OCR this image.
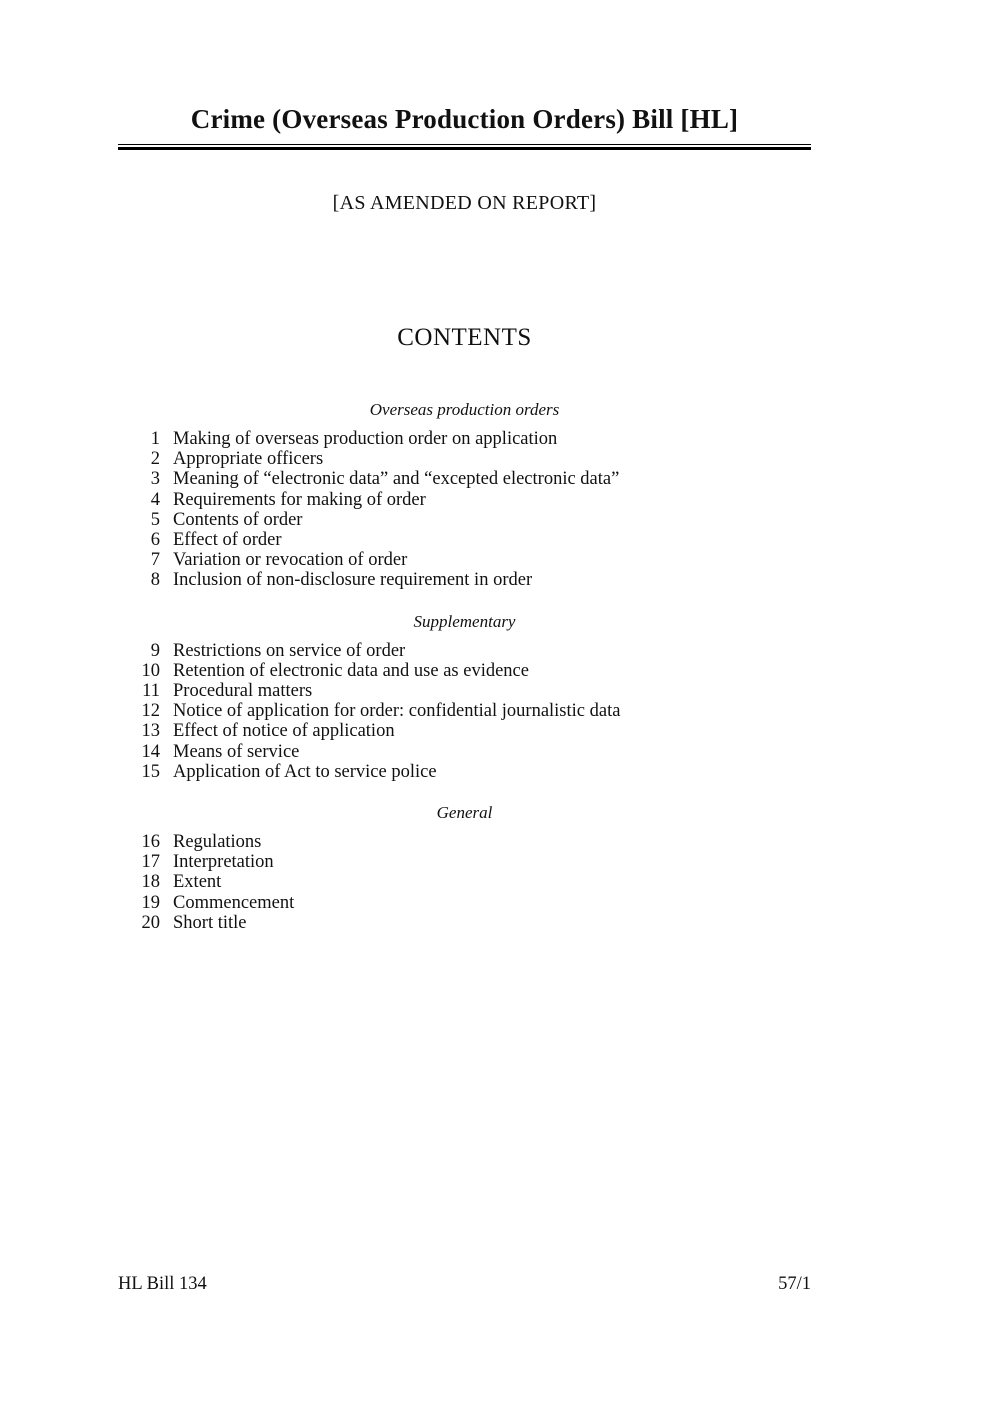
Crime (Overseas Production Orders) Bill [HL]
[AS AMENDED ON REPORT]
CONTENTS
Overseas production orders
1 Making of overseas production order on application
2 Appropriate officers
3 Meaning of “electronic data” and “excepted electronic data”
4 Requirements for making of order
5 Contents of order
6 Effect of order
7 Variation or revocation of order
8 Inclusion of non-disclosure requirement in order
Supplementary
9 Restrictions on service of order
10 Retention of electronic data and use as evidence
11 Procedural matters
12 Notice of application for order: confidential journalistic data
13 Effect of notice of application
14 Means of service
15 Application of Act to service police
General
16 Regulations
17 Interpretation
18 Extent
19 Commencement
20 Short title
HL Bill 134	57/1
